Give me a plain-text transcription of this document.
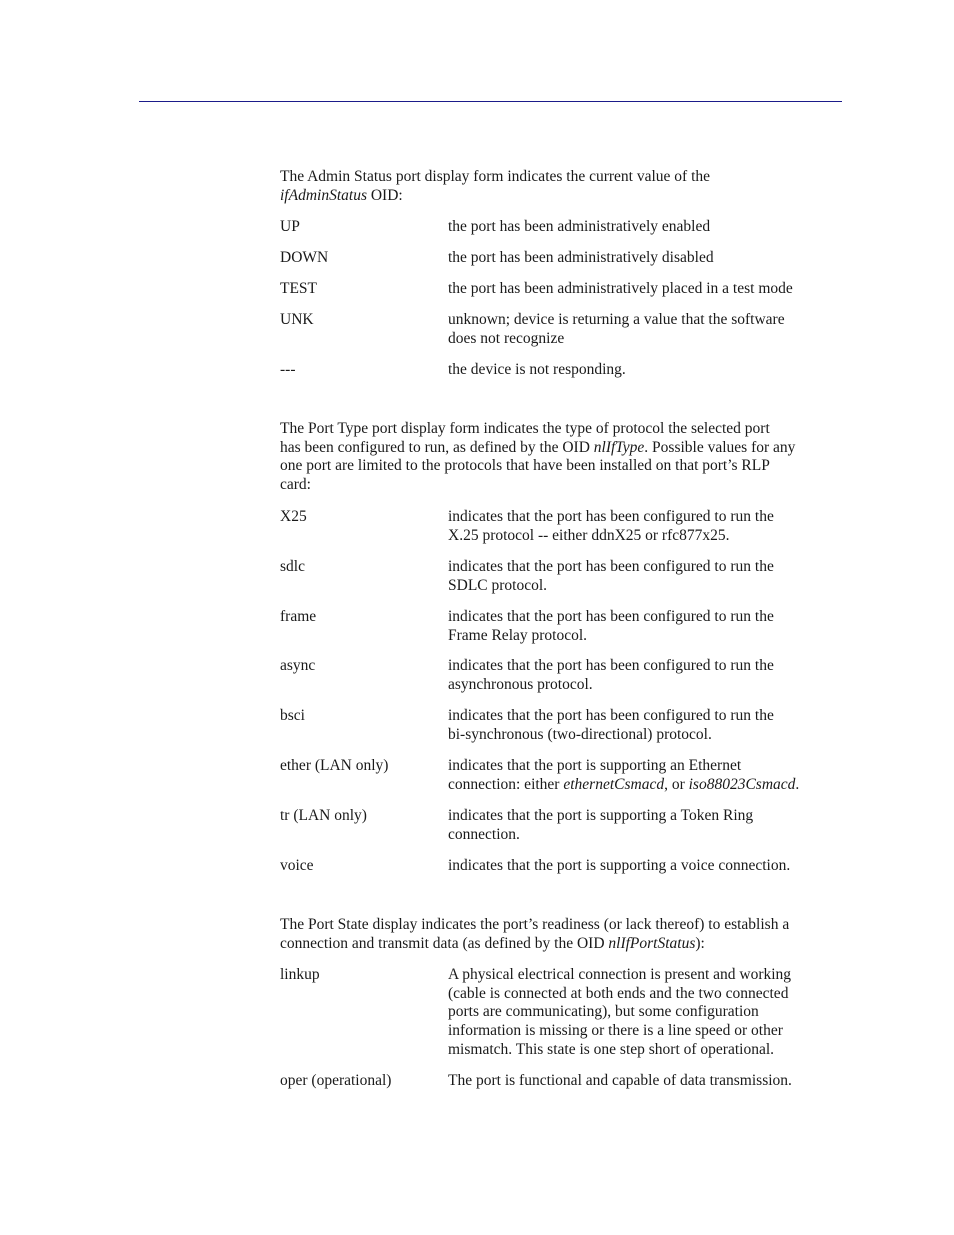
The Admin Status port display form indicates the current value of the
ifAdminStatus OID:

UP	the port has been administratively enabled
DOWN	the port has been administratively disabled
TEST	the port has been administratively placed in a test mode
UNK	unknown; device is returning a value that the software
does not recognize
---	the device is not responding.

The Port Type port display form indicates the type of protocol the selected port
has been configured to run, as defined by the OID nlIfType. Possible values for any
one port are limited to the protocols that have been installed on that port’s RLP
card:

X25	indicates that the port has been configured to run the
X.25 protocol -- either ddnX25 or rfc877x25.
sdlc	indicates that the port has been configured to run the
SDLC protocol.
frame	indicates that the port has been configured to run the
Frame Relay protocol.
async	indicates that the port has been configured to run the
asynchronous protocol.
bsci	indicates that the port has been configured to run the
bi-synchronous (two-directional) protocol.
ether (LAN only)	indicates that the port is supporting an Ethernet
connection: either ethernetCsmacd, or iso88023Csmacd.
tr (LAN only)	indicates that the port is supporting a Token Ring
connection.
voice	indicates that the port is supporting a voice connection.

The Port State display indicates the port’s readiness (or lack thereof) to establish a
connection and transmit data (as defined by the OID nlIfPortStatus):

linkup	A physical electrical connection is present and working
(cable is connected at both ends and the two connected
ports are communicating), but some configuration
information is missing or there is a line speed or other
mismatch. This state is one step short of operational.
oper (operational)	The port is functional and capable of data transmission.
